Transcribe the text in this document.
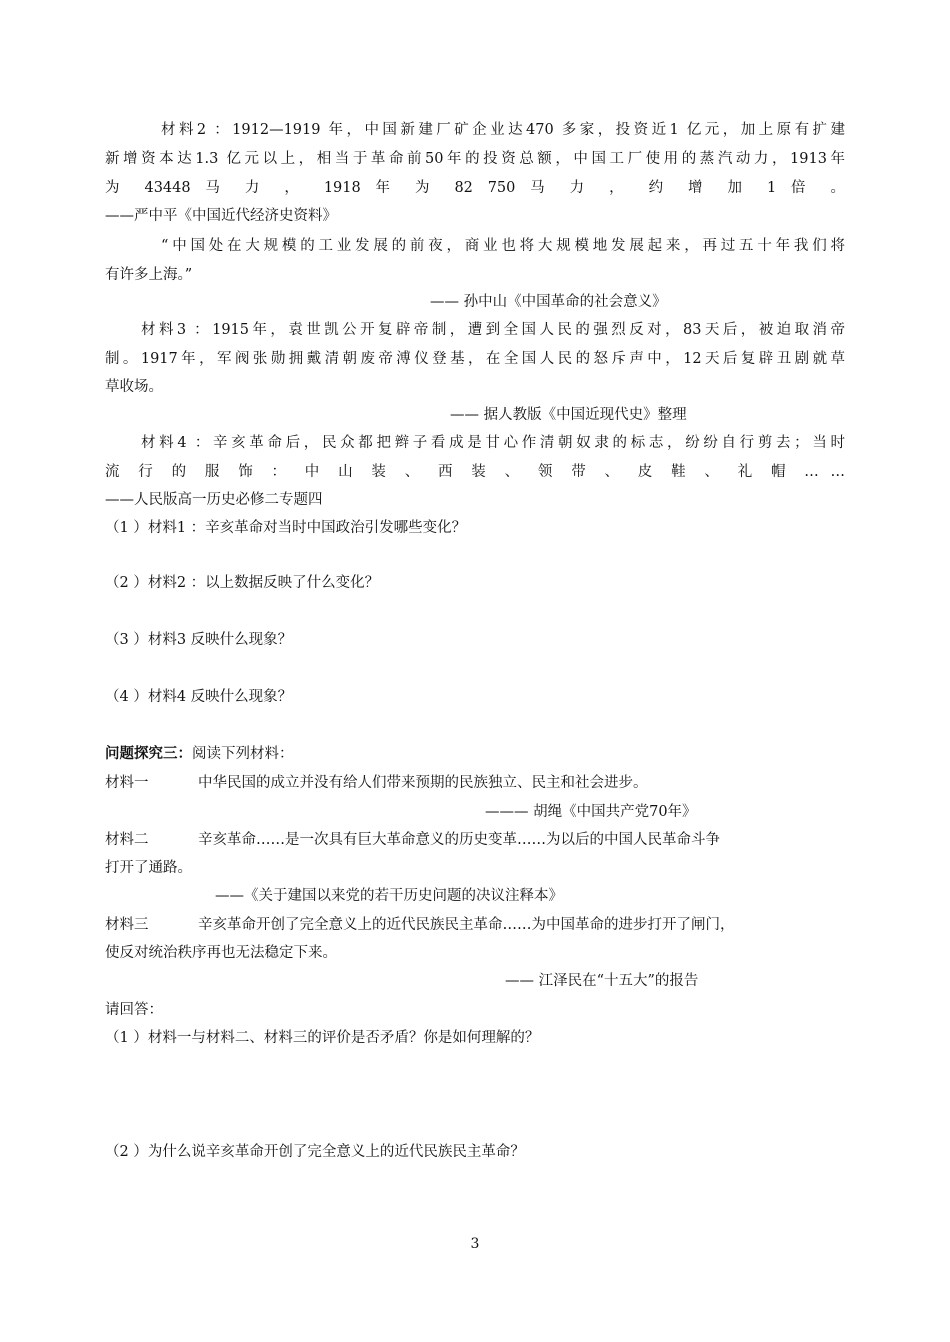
材料2 ：1912—1919 年，中国新建厂矿企业达470 多家，投资近1 亿元，加上原有扩建
新增资本达1.3 亿元以上，相当于革命前50年的投资总额，中国工厂使用的蒸汽动力，1913年
为 43448 马 力 ， 1918 年 为 82 750 马 力 ， 约 增 加 1 倍 。
——严中平《中国近代经济史资料》
“中国处在大规模的工业发展的前夜，商业也将大规模地发展起来，再过五十年我们将
有许多上海。”
—— 孙中山《中国革命的社会意义》
材料3 ：1915年，袁世凯公开复辟帝制，遭到全国人民的强烈反对，83天后，被迫取消帝
制。1917年，军阀张勋拥戴清朝废帝溥仪登基，在全国人民的怒斥声中，12天后复辟丑剧就草
草收场。
—— 据人教版《中国近现代史》整理
材料4 ：辛亥革命后，民众都把辫子看成是甘心作清朝奴隶的标志，纷纷自行剪去；当时
流 行 的 服 饰 ： 中 山 装 、 西 装 、 领 带 、 皮 鞋 、 礼 帽 … …
——人民版高一历史必修二专题四
（1 ）材料1 ：辛亥革命对当时中国政治引发哪些变化？
（2 ）材料2 ：以上数据反映了什么变化？
（3 ）材料3 反映什么现象？
（4 ）材料4 反映什么现象？
问题探究三：阅读下列材料：
材料一	中华民国的成立并没有给人们带来预期的民族独立、民主和社会进步。
——— 胡绳《中国共产党70年》
材料二	辛亥革命……是一次具有巨大革命意义的历史变革……为以后的中国人民革命斗争
打开了通路。
——《关于建国以来党的若干历史问题的决议注释本》
材料三	辛亥革命开创了完全意义上的近代民族民主革命……为中国革命的进步打开了闸门，
使反对统治秩序再也无法稳定下来。
—— 江泽民在“十五大”的报告
请回答：
（1 ）材料一与材料二、材料三的评价是否矛盾？你是如何理解的？
（2 ）为什么说辛亥革命开创了完全意义上的近代民族民主革命？
3
